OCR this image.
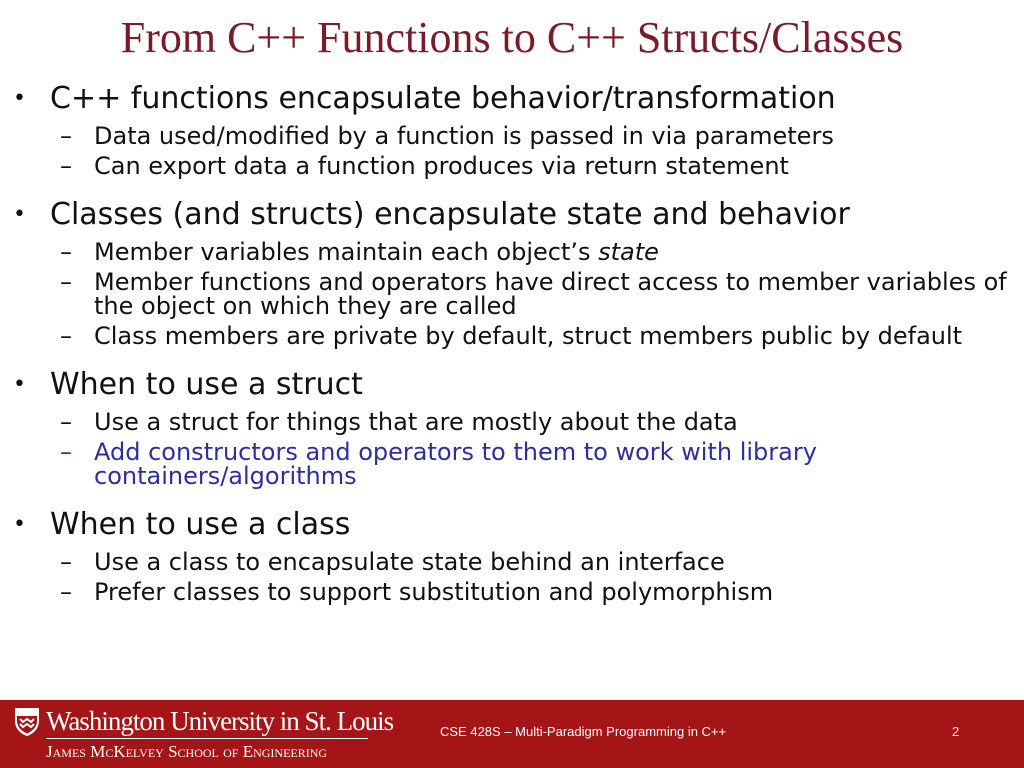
From C++ Functions to C++ Structs/Classes
• C++ functions encapsulate behavior/transformation
– Data used/modified by a function is passed in via parameters
– Can export data a function produces via return statement
• Classes (and structs) encapsulate state and behavior
– Member variables maintain each object’s state
– Member functions and operators have direct access to member variables of the object on which they are called
– Class members are private by default, struct members public by default
• When to use a struct
– Use a struct for things that are mostly about the data
– Add constructors and operators to them to work with library containers/algorithms
• When to use a class
– Use a class to encapsulate state behind an interface
– Prefer classes to support substitution and polymorphism
Washington University in St. Louis
James McKelvey School of Engineering
CSE 428S – Multi-Paradigm Programming in C++	2
